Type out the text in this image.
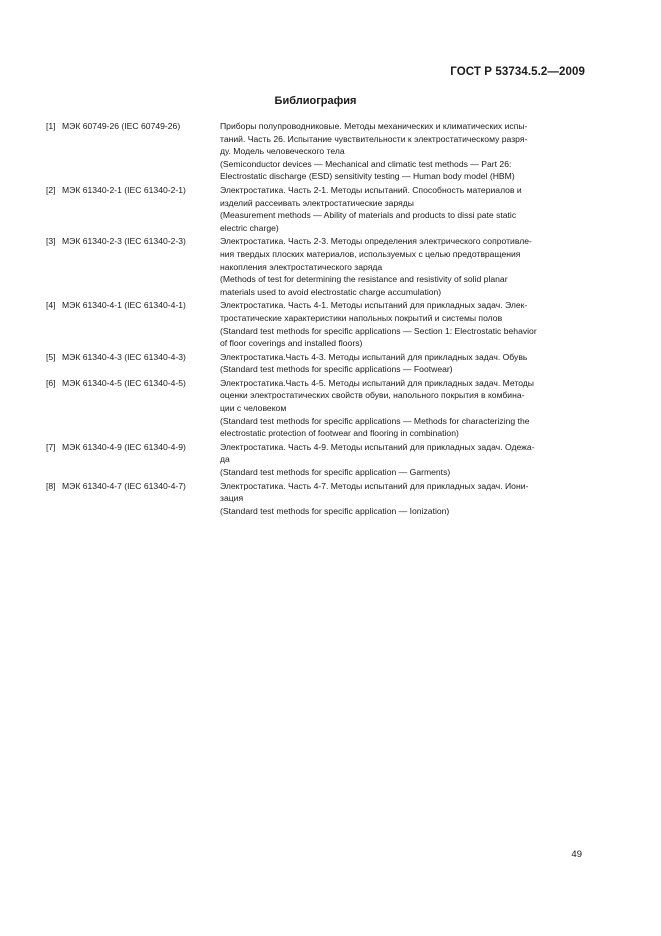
ГОСТ Р 53734.5.2—2009
Библиография
[1] МЭК 60749-26 (IEC 60749-26)	Приборы полупроводниковые. Методы механических и климатических испы-
таний. Часть 26. Испытание чувствительности к электростатическому разря-
ду. Модель человеческого тела
(Semiconductor devices — Mechanical and climatic test methods — Part 26:
Electrostatic discharge (ESD) sensitivity testing — Human body model (HBM)
[2] МЭК 61340-2-1 (IEC 61340-2-1)	Электростатика. Часть 2-1. Методы испытаний. Способность материалов и
изделий рассеивать электростатические заряды
(Measurement methods — Ability of materials and products to dissi pate static
electric charge)
[3] МЭК 61340-2-3 (IEC 61340-2-3)	Электростатика. Часть 2-3. Методы определения электрического сопротивле-
ния твердых плоских материалов, используемых с целью предотвращения
накопления электростатического заряда
(Methods of test for determining the resistance and resistivity of solid planar
materials used to avoid electrostatic charge accumulation)
[4] МЭК 61340-4-1 (IEC 61340-4-1)	Электростатика. Часть 4-1. Методы испытаний для прикладных задач. Элек-
тростатические характеристики напольных покрытий и системы полов
(Standard test methods for specific applications — Section 1: Electrostatic behavior
of floor coverings and installed floors)
[5] МЭК 61340-4-3 (IEC 61340-4-3)	Электростатика.Часть 4-3. Методы испытаний для прикладных задач. Обувь
(Standard test methods for specific applications — Footwear)
[6] МЭК 61340-4-5 (IEC 61340-4-5)	Электростатика.Часть 4-5. Методы испытаний для прикладных задач. Методы
оценки электростатических свойств обуви, напольного покрытия в комбина-
ции с человеком
(Standard test methods for specific applications — Methods for characterizing the
electrostatic protection of footwear and flooring in combination)
[7] МЭК 61340-4-9 (IEC 61340-4-9)	Электростатика. Часть 4-9. Методы испытаний для прикладных задач. Одежа-
да
(Standard test methods for specific application — Garments)
[8] МЭК 61340-4-7 (IEC 61340-4-7)	Электростатика. Часть 4-7. Методы испытаний для прикладных задач. Иони-
зация
(Standard test methods for specific application — Ionization)
49
